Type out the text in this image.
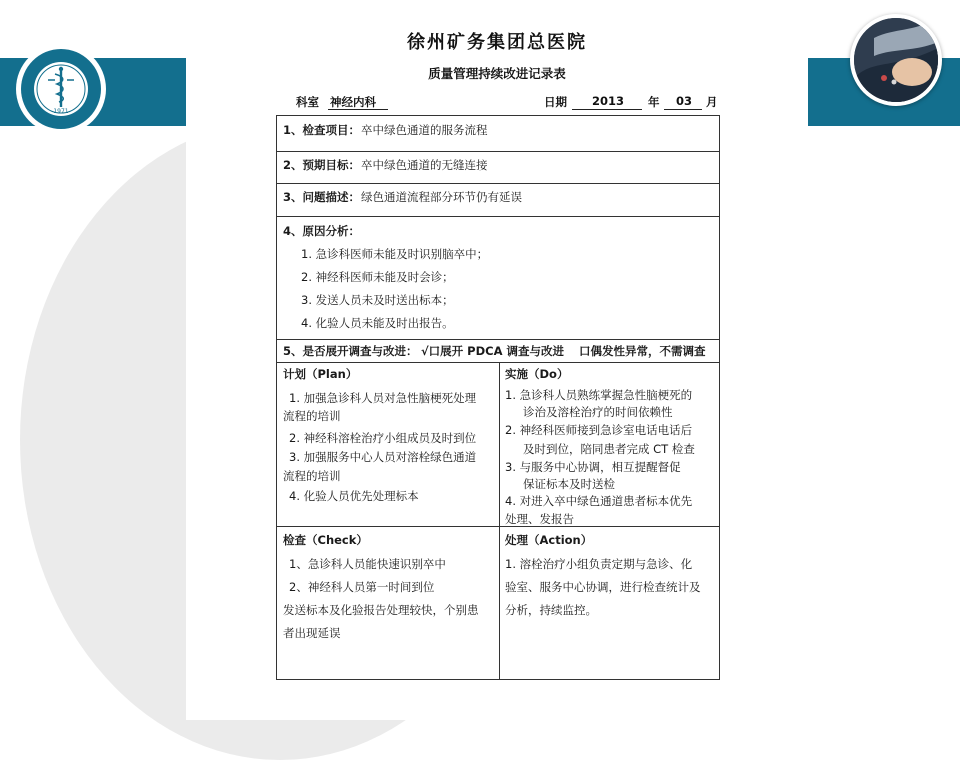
1971
徐州矿务集团总医院
质量管理持续改进记录表
科室 神经内科	日期 2013 年 03 月
1、检查项目： 卒中绿色通道的服务流程
2、预期目标： 卒中绿色通道的无缝连接
3、问题描述： 绿色通道流程部分环节仍有延误
4、原因分析：
1. 急诊科医师未能及时识别脑卒中；
2. 神经科医师未能及时会诊；
3. 发送人员未及时送出标本；
4. 化验人员未能及时出报告。
5、是否展开调查与改进： √口展开 PDCA 调查与改进 口偶发性异常，不需调查
计划（Plan）
1. 加强急诊科人员对急性脑梗死处理
流程的培训
2. 神经科溶栓治疗小组成员及时到位
3. 加强服务中心人员对溶栓绿色通道
流程的培训
4. 化验人员优先处理标本
实施（Do）
1. 急诊科人员熟练掌握急性脑梗死的
诊治及溶栓治疗的时间依赖性
2. 神经科医师接到急诊室电话电话后
及时到位，陪同患者完成 CT 检查
3. 与服务中心协调，相互提醒督促
保证标本及时送检
4. 对进入卒中绿色通道患者标本优先
处理、发报告
检查（Check）
1、急诊科人员能快速识别卒中
2、神经科人员第一时间到位
发送标本及化验报告处理较快，个别患
者出现延误
处理（Action）
1. 溶栓治疗小组负责定期与急诊、化
验室、服务中心协调，进行检查统计及
分析，持续监控。
